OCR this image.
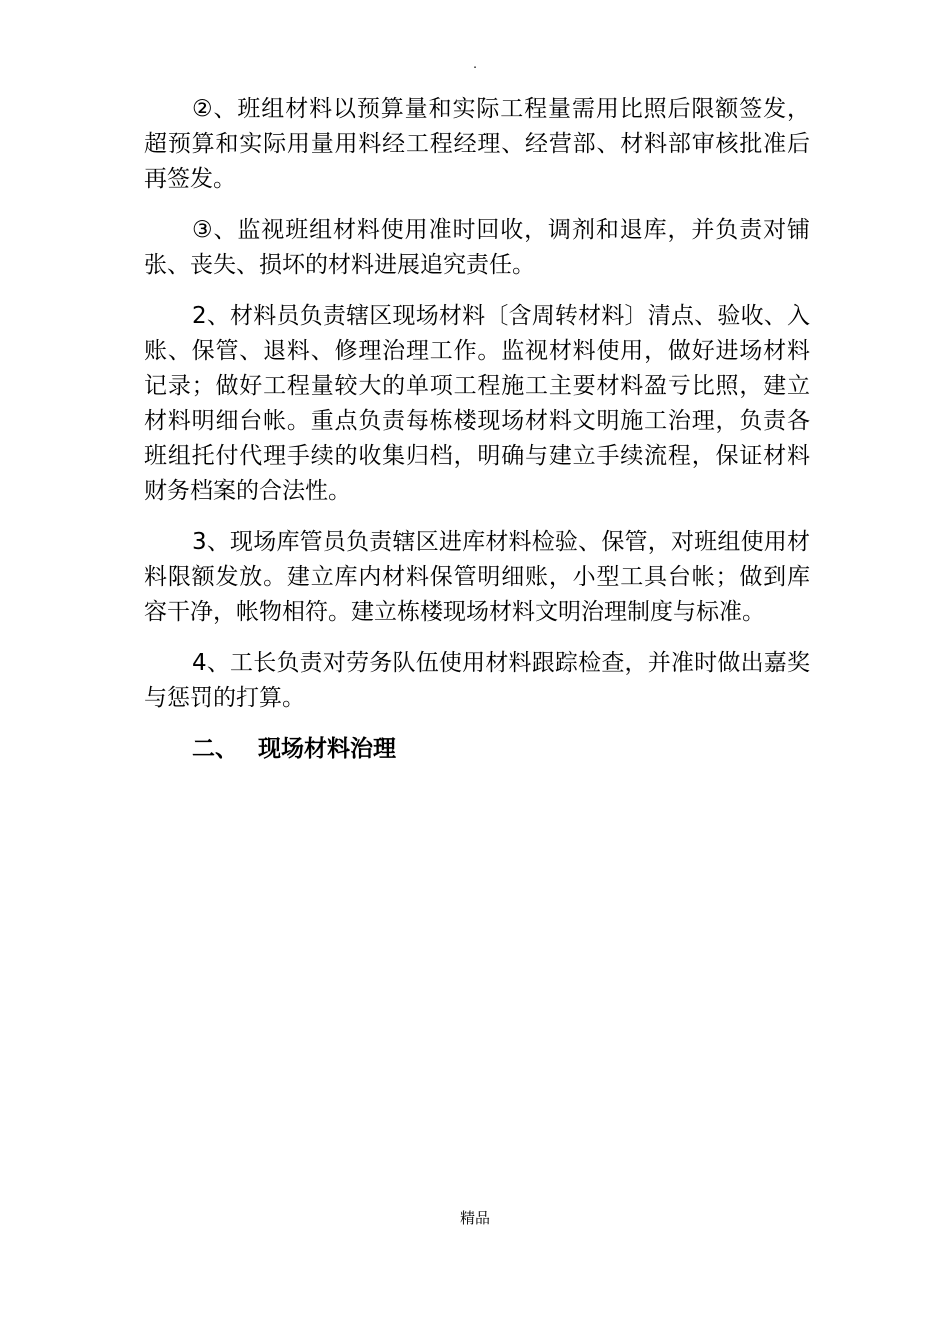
.

②、班组材料以预算量和实际工程量需用比照后限额签发，超预算和实际用量用料经工程经理、经营部、材料部审核批准后再签发。

③、监视班组材料使用准时回收，调剂和退库，并负责对铺张、丧失、损坏的材料进展追究责任。

2、材料员负责辖区现场材料〔含周转材料〕清点、验收、入账、保管、退料、修理治理工作。监视材料使用，做好进场材料记录；做好工程量较大的单项工程施工主要材料盈亏比照，建立材料明细台帐。重点负责每栋楼现场材料文明施工治理，负责各班组托付代理手续的收集归档，明确与建立手续流程，保证材料财务档案的合法性。

3、现场库管员负责辖区进库材料检验、保管，对班组使用材料限额发放。建立库内材料保管明细账，小型工具台帐；做到库容干净，帐物相符。建立栋楼现场材料文明治理制度与标准。

4、工长负责对劳务队伍使用材料跟踪检查，并准时做出嘉奖与惩罚的打算。

二、 现场材料治理

精品
